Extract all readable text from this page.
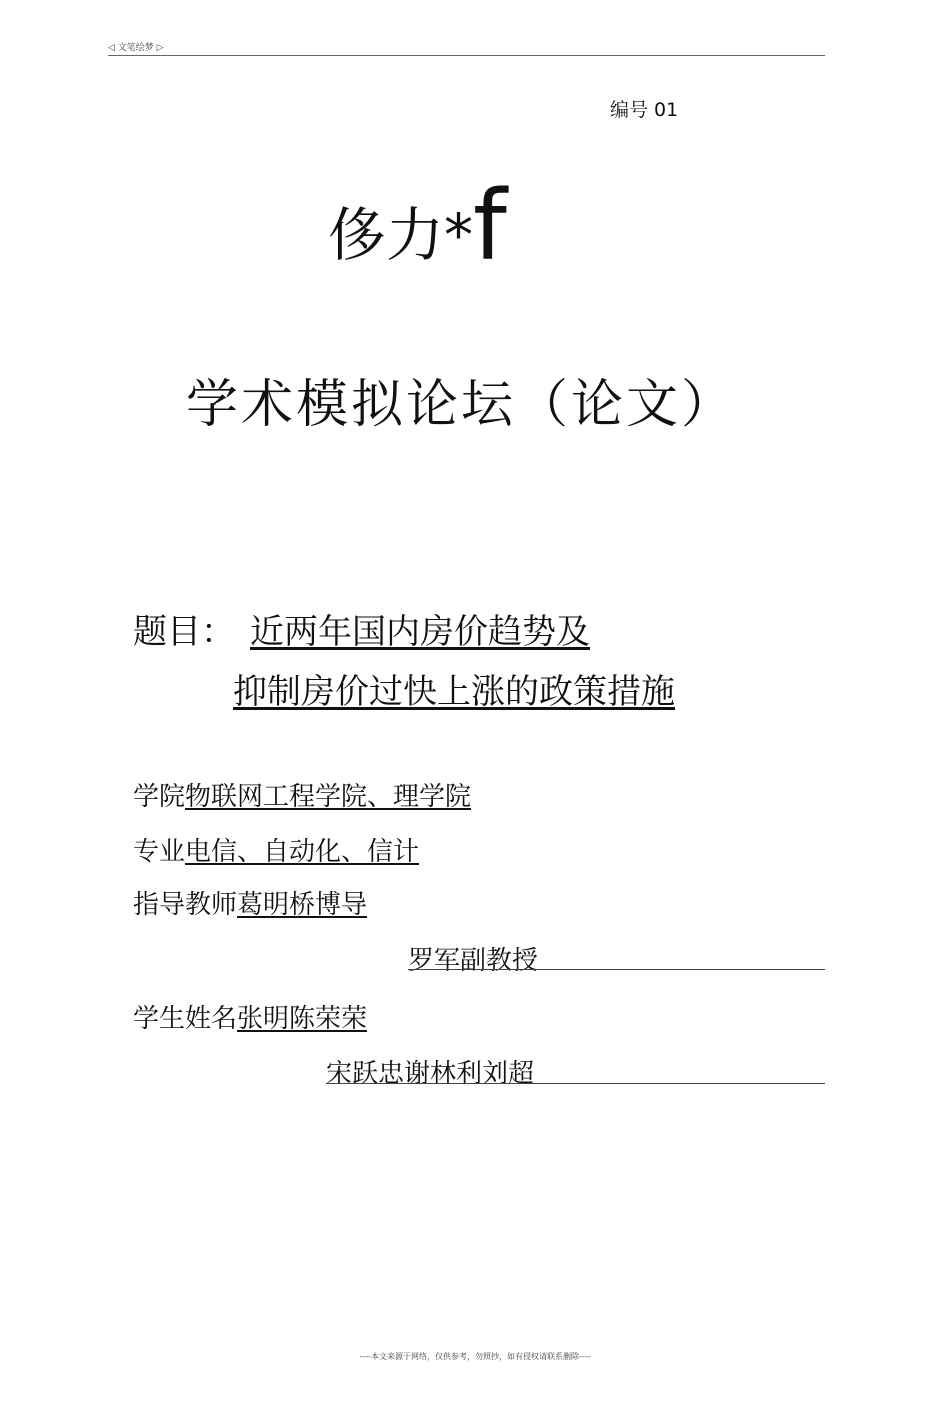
◁ 文笔绘梦 ▷
编号 01
侈力*f
学术模拟论坛（论文）
题目： 近两年国内房价趋势及
抑制房价过快上涨的政策措施
学院物联网工程学院、理学院
专业电信、自动化、信计
指导教师葛明桥博导
罗军副教授
学生姓名张明陈荣荣
宋跃忠谢林利刘超
----本文来源于网络，仅供参考，勿照抄，如有侵权请联系删除----
